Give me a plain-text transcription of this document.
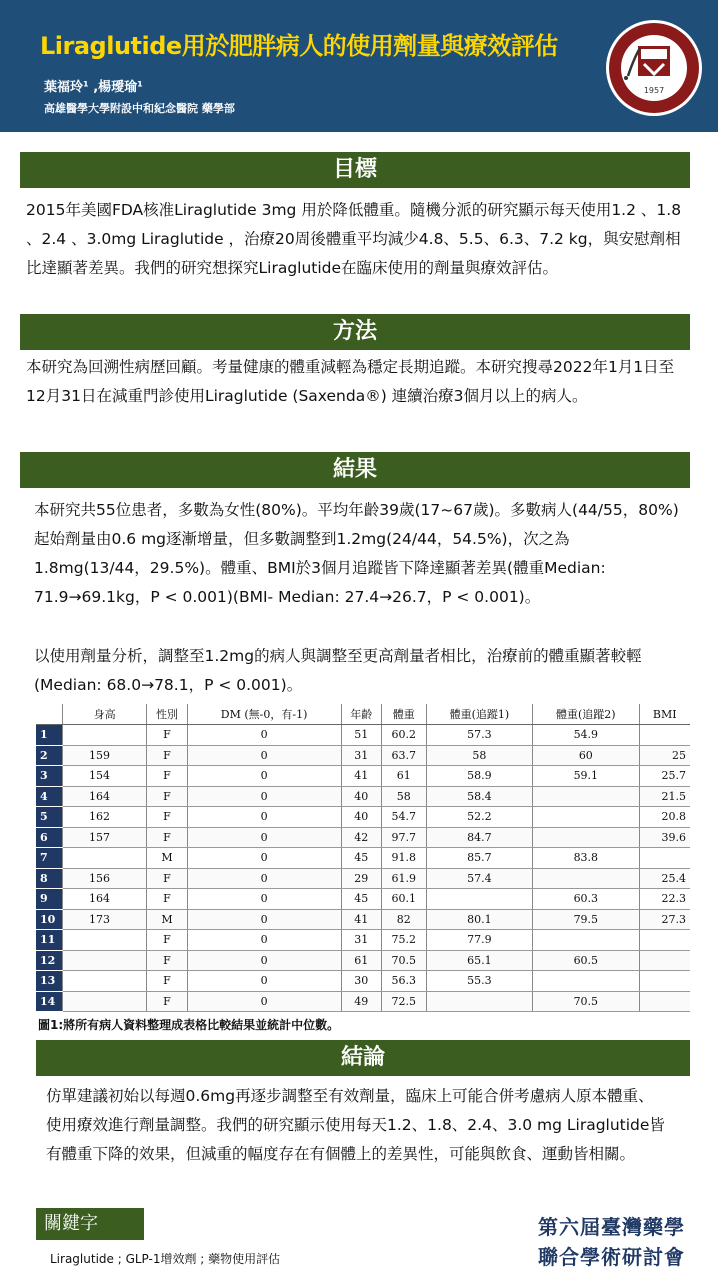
Liraglutide用於肥胖病人的使用劑量與療效評估
葉福玲¹ ,楊璦瑜¹
高雄醫學大學附設中和紀念醫院 藥學部
1957
目標
2015年美國FDA核准Liraglutide 3mg 用於降低體重。隨機分派的研究顯示每天使用1.2 、1.8 、2.4 、3.0mg Liraglutide ，治療20周後體重平均減少4.8、5.5、6.3、7.2 kg，與安慰劑相比達顯著差異。我們的研究想探究Liraglutide在臨床使用的劑量與療效評估。
方法
本研究為回溯性病歷回顧。考量健康的體重減輕為穩定長期追蹤。本研究搜尋2022年1月1日至12月31日在減重門診使用Liraglutide (Saxenda®) 連續治療3個月以上的病人。
結果
本研究共55位患者，多數為女性(80%)。平均年齡39歲(17~67歲)。多數病人(44/55，80%)起始劑量由0.6 mg逐漸增量，但多數調整到1.2mg(24/44，54.5%)，次之為1.8mg(13/44，29.5%)。體重、BMI於3個月追蹤皆下降達顯著差異(體重Median: 71.9→69.1kg，P < 0.001)(BMI- Median: 27.4→26.7，P < 0.001)。
以使用劑量分析，調整至1.2mg的病人與調整至更高劑量者相比，治療前的體重顯著較輕(Median: 68.0→78.1，P < 0.001)。
	身高	性別	DM (無-0，有-1)	年齡	體重	體重(追蹤1)	體重(追蹤2)	BMI
1		F	0	51	60.2	57.3	54.9	
2	159	F	0	31	63.7	58	60	25
3	154	F	0	41	61	58.9	59.1	25.7
4	164	F	0	40	58	58.4		21.5
5	162	F	0	40	54.7	52.2		20.8
6	157	F	0	42	97.7	84.7		39.6
7		M	0	45	91.8	85.7	83.8	
8	156	F	0	29	61.9	57.4		25.4
9	164	F	0	45	60.1		60.3	22.3
10	173	M	0	41	82	80.1	79.5	27.3
11		F	0	31	75.2	77.9		
12		F	0	61	70.5	65.1	60.5	
13		F	0	30	56.3	55.3		
14		F	0	49	72.5		70.5	
圖1:將所有病人資料整理成表格比較結果並統計中位數。
結論
仿單建議初始以每週0.6mg再逐步調整至有效劑量，臨床上可能合併考慮病人原本體重、使用療效進行劑量調整。我們的研究顯示使用每天1.2、1.8、2.4、3.0 mg Liraglutide皆有體重下降的效果，但減重的幅度存在有個體上的差異性，可能與飲食、運動皆相關。
關鍵字
Liraglutide ; GLP-1增效劑 ; 藥物使用評估
第六屆臺灣藥學
聯合學術研討會
